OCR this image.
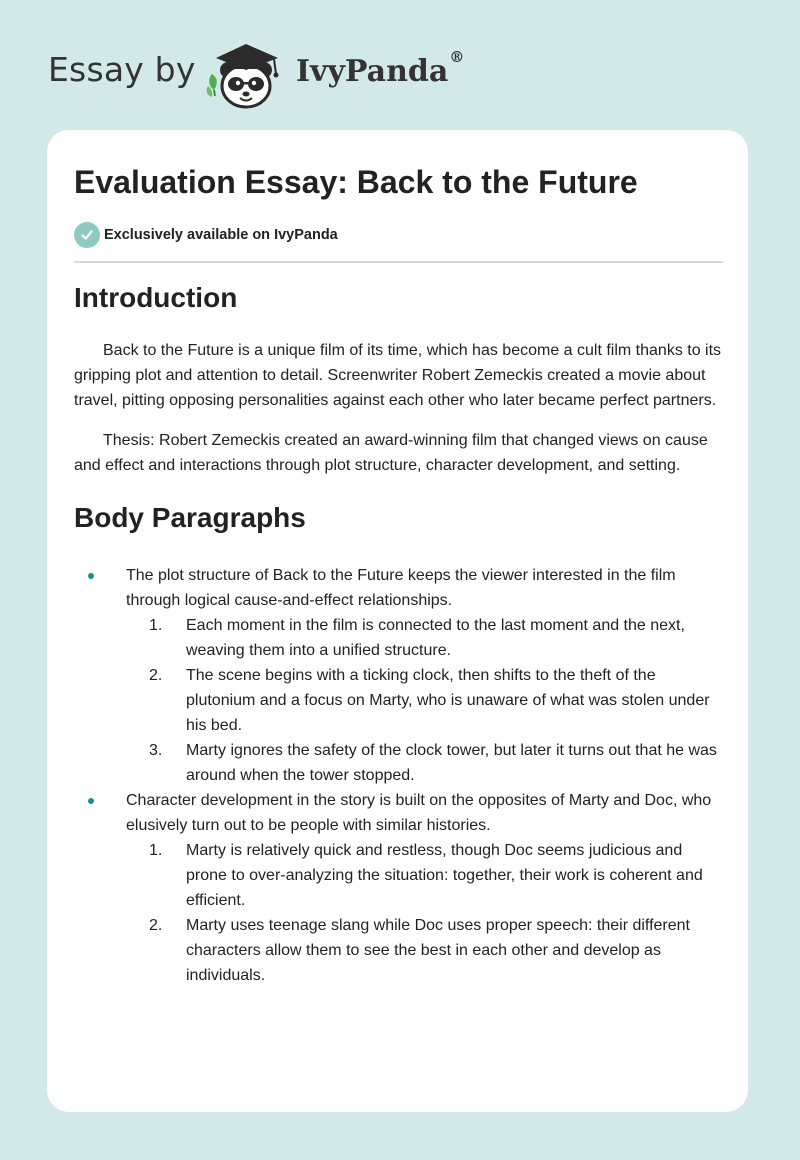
Essay by	IvyPanda®
Evaluation Essay: Back to the Future
Exclusively available on IvyPanda
Introduction

Back to the Future is a unique film of its time, which has become a cult film thanks to its gripping plot and attention to detail. Screenwriter Robert Zemeckis created a movie about travel, pitting opposing personalities against each other who later became perfect partners.

Thesis: Robert Zemeckis created an award-winning film that changed views on cause and effect and interactions through plot structure, character development, and setting.

Body Paragraphs
The plot structure of Back to the Future keeps the viewer interested in the film through logical cause-and-effect relationships.
1. Each moment in the film is connected to the last moment and the next, weaving them into a unified structure.
2. The scene begins with a ticking clock, then shifts to the theft of the plutonium and a focus on Marty, who is unaware of what was stolen under his bed.
3. Marty ignores the safety of the clock tower, but later it turns out that he was around when the tower stopped.
Character development in the story is built on the opposites of Marty and Doc, who elusively turn out to be people with similar histories.
1. Marty is relatively quick and restless, though Doc seems judicious and prone to over-analyzing the situation: together, their work is coherent and efficient.
2. Marty uses teenage slang while Doc uses proper speech: their different characters allow them to see the best in each other and develop as individuals.
